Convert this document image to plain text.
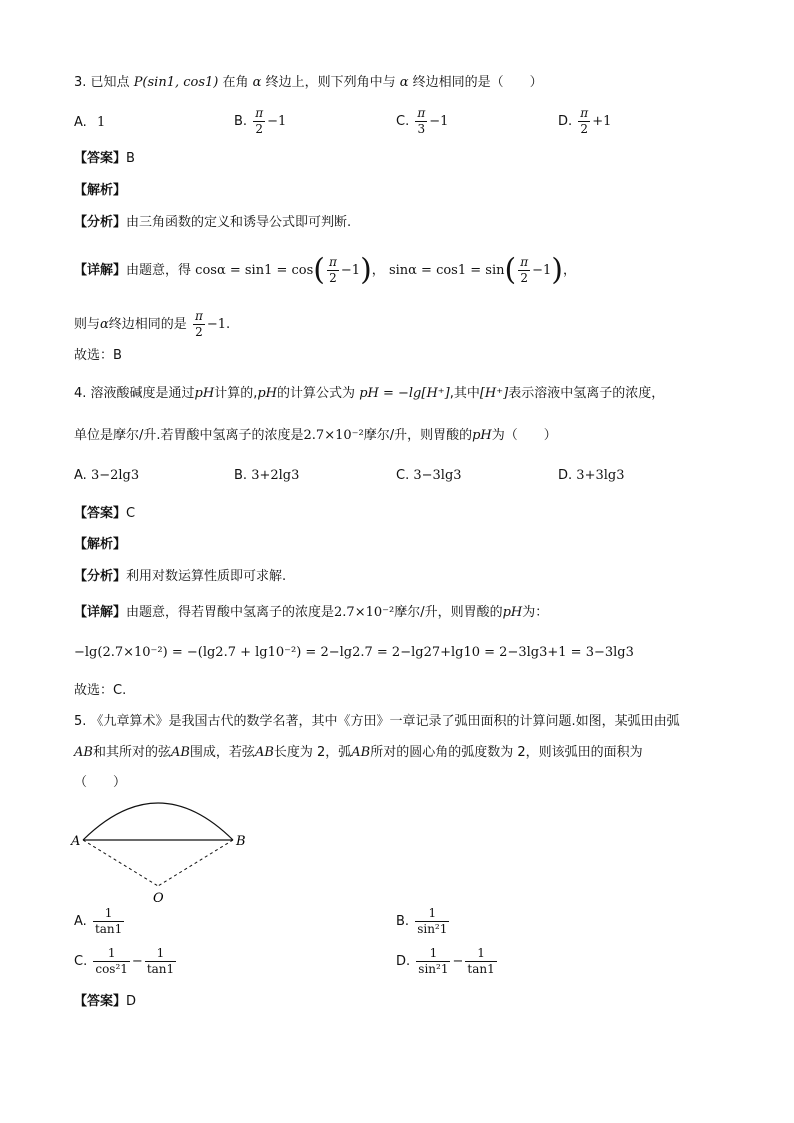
3. 已知点 P(sin1, cos1) 在角 α 终边上，则下列角中与 α 终边相同的是（　　）
A. 1	B. $\frac{\pi}{2} -1$	C. $\frac{\pi}{3} -1$	D. $\frac{\pi}{2} +1$
【答案】B
【解析】
【分析】由三角函数的定义和诱导公式即可判断.
【详解】由题意，得 $\cos\alpha = \sin 1 = \cos( \frac{\pi}{2} -1)$， $\sin\alpha = \cos 1 = \sin( \frac{\pi}{2} -1)$，
则与α终边相同的是 $\frac{\pi}{2} -1$.
故选：B
4. 溶液酸碱度是通过pH计算的,pH的计算公式为 pH = −lg[H⁺],其中[H⁺]表示溶液中氢离子的浓度，
单位是摩尔/升.若胃酸中氢离子的浓度是2.7×10⁻²摩尔/升，则胃酸的pH为（　　）
A. 3−2lg3	B. 3+2lg3	C. 3−3lg3	D. 3+3lg3
【答案】C
【解析】
【分析】利用对数运算性质即可求解.
【详解】由题意，得若胃酸中氢离子的浓度是2.7×10⁻²摩尔/升，则胃酸的pH为：
−lg(2.7×10⁻²) = −(lg2.7 + lg10⁻²) = 2−lg2.7 = 2−lg27+lg10 = 2−3lg3+1 = 3−3lg3
故选：C.
5. 《九章算术》是我国古代的数学名著，其中《方田》一章记录了弧田面积的计算问题.如图，某弧田由弧
AB和其所对的弦AB围成，若弦AB长度为 2，弧AB所对的圆心角的弧度数为 2，则该弧田的面积为
（　　）
A	B
O
A. $\frac{1}{\tan 1}$	B. $\frac{1}{\text{sin²1}}$
C. $\frac{1}{\text{cos²1}} - \frac{1}{\tan 1}$	D. $\frac{1}{\text{sin²1}} - \frac{1}{\tan 1}$
【答案】D
